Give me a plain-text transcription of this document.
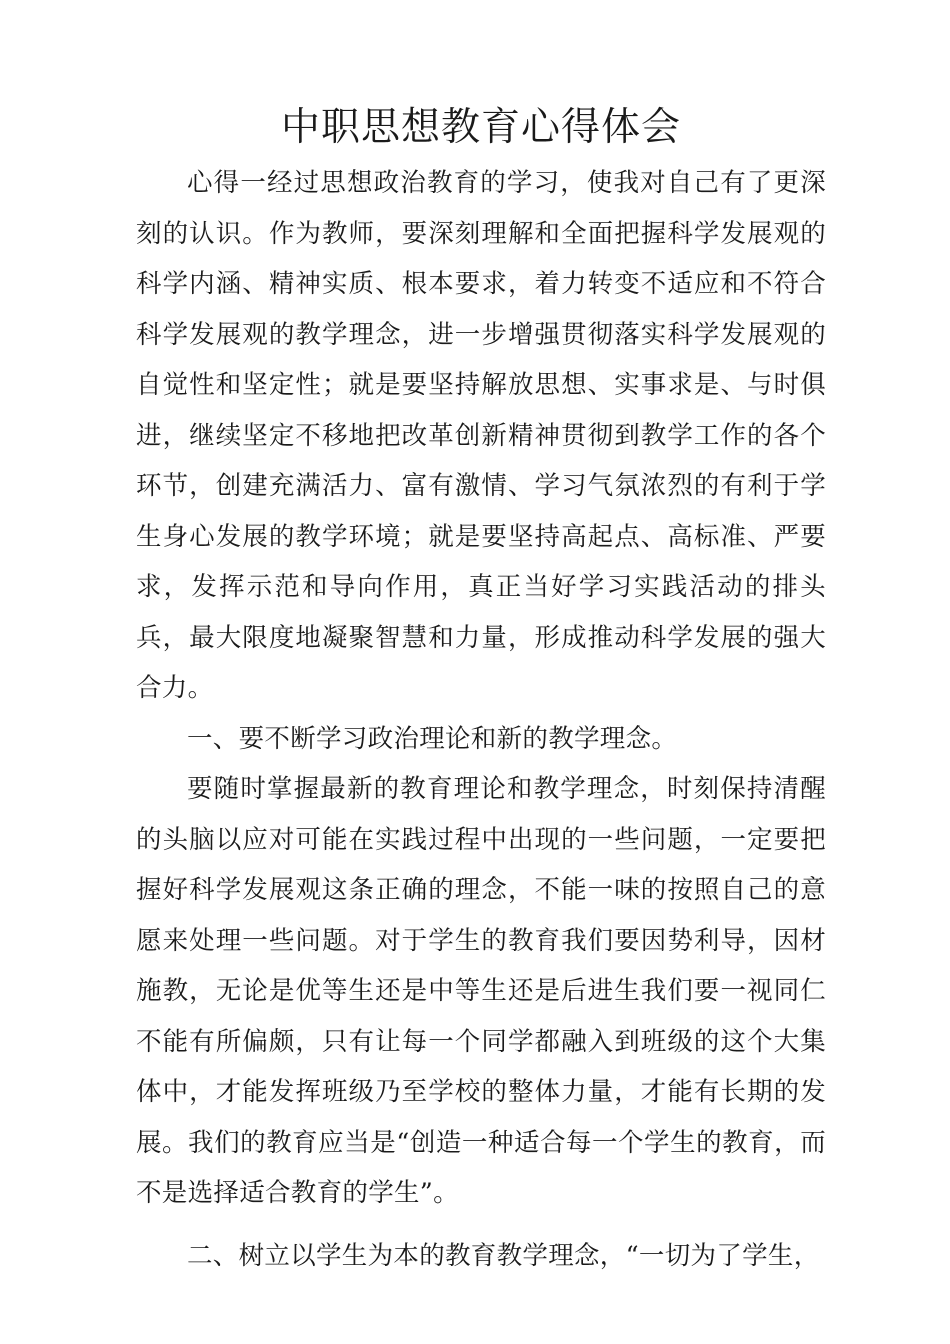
中职思想教育心得体会

心得一经过思想政治教育的学习，使我对自己有了更深刻的认识。作为教师，要深刻理解和全面把握科学发展观的科学内涵、精神实质、根本要求，着力转变不适应和不符合科学发展观的教学理念，进一步增强贯彻落实科学发展观的自觉性和坚定性；就是要坚持解放思想、实事求是、与时俱进，继续坚定不移地把改革创新精神贯彻到教学工作的各个环节，创建充满活力、富有激情、学习气氛浓烈的有利于学生身心发展的教学环境；就是要坚持高起点、高标准、严要求，发挥示范和导向作用，真正当好学习实践活动的排头兵，最大限度地凝聚智慧和力量，形成推动科学发展的强大合力。

一、要不断学习政治理论和新的教学理念。

要随时掌握最新的教育理论和教学理念，时刻保持清醒的头脑以应对可能在实践过程中出现的一些问题，一定要把握好科学发展观这条正确的理念，不能一味的按照自己的意愿来处理一些问题。对于学生的教育我们要因势利导，因材施教，无论是优等生还是中等生还是后进生我们要一视同仁不能有所偏颇，只有让每一个同学都融入到班级的这个大集体中，才能发挥班级乃至学校的整体力量，才能有长期的发展。我们的教育应当是“创造一种适合每一个学生的教育，而不是选择适合教育的学生”。

二、树立以学生为本的教育教学理念，“一切为了学生，
